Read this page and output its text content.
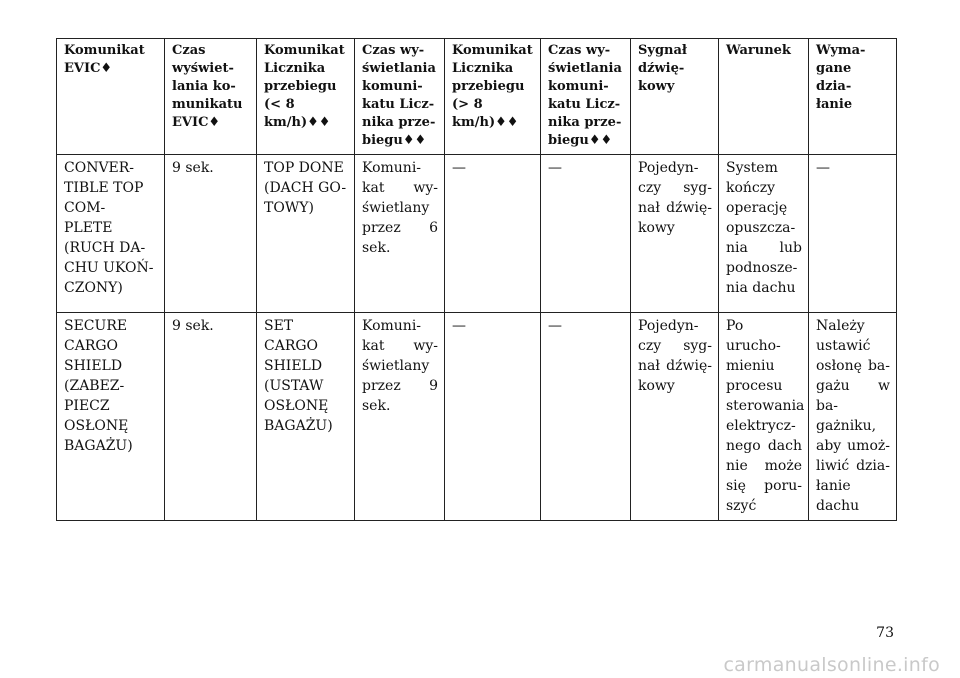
Komunikat EVIC♦	Czas wyświet- lania ko- munikatu EVIC♦	Komunikat Licznika przebiegu (< 8 km/h)♦♦	Czas wy- świetlania komuni- katu Licz- nika prze- biegu♦♦	Komunikat Licznika przebiegu (> 8 km/h)♦♦	Czas wy- świetlania komuni- katu Licz- nika prze- biegu♦♦	Sygnał dźwię- kowy	Warunek	Wyma- gane dzia- łanie
CONVER- TIBLE TOP COM- PLETE (RUCH DA- CHU UKOŃ- CZONY)	9 sek.	TOP DONE (DACH GO- TOWY)	Komuni- kat wy- świetlany przez 6 sek.	—	—	Pojedyn- czy syg- nał dźwię- kowy	System kończy operację opuszcza- nia lub podnosze- nia dachu	—
SECURE CARGO SHIELD (ZABEZ- PIECZ OSŁONĘ BAGAŻU)	9 sek.	SET CARGO SHIELD (USTAW OSŁONĘ BAGAŻU)	Komuni- kat wy- świetlany przez 9 sek.	—	—	Pojedyn- czy syg- nał dźwię- kowy	Po urucho- mieniu procesu sterowania elektrycz- nego dach nie może się poru- szyć	Należy ustawić osłonę ba- gażu w ba- gażniku, aby umoż- liwić dzia- łanie dachu
73
carmanualsonline.info
